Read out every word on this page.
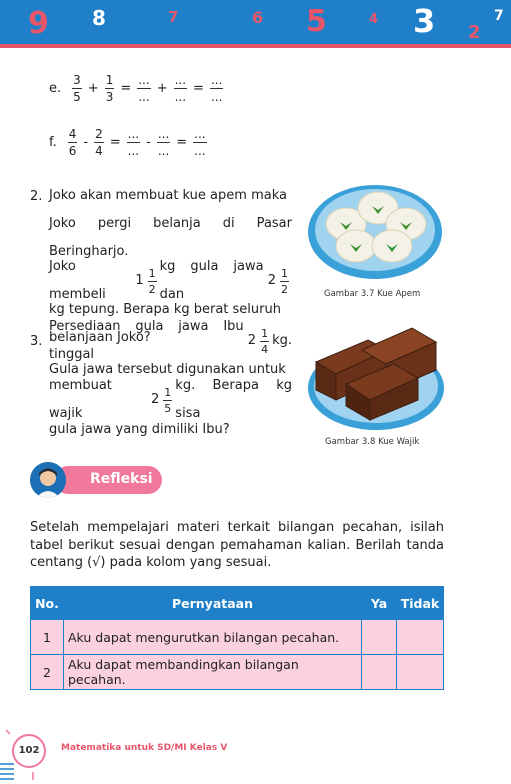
9 8	7	6 5	4 3 2
7
e. $\frac{3}{5} + \frac{1}{3} = \frac{...}{...} + \frac{...}{...} = \frac{...}{...}$
f. $\frac{4}{6} - \frac{2}{4} = \frac{...}{...} - \frac{...}{...} = \frac{...}{...}$
2. Joko akan membuat kue apem maka
Joko pergi belanja di Pasar Beringharjo.
Joko membeli

$1 \frac{1}{2}$
kg gula jawa dan

$2 \frac{1}{2}$
kg tepung. Berapa kg berat seluruh
belanjaan Joko?
Gambar 3.7 Kue Apem
3.
Persediaan gula jawa Ibu tinggal

$2 \frac{1}{4}$ kg.
Gula jawa tersebut digunakan untuk
membuat wajik

$2 \frac{1}{5}$
kg. Berapa kg sisa
gula jawa yang dimiliki Ibu?
Gambar 3.8 Kue Wajik
Refleksi
Setelah mempelajari materi terkait bilangan pecahan, isilah tabel berikut sesuai dengan pemahaman kalian. Berilah tanda centang (√) pada kolom yang sesuai.
No.	Pernyataan	Ya	Tidak
1	Aku dapat mengurutkan bilangan pecahan.		
2	Aku dapat membandingkan bilangan pecahan.		
102	Matematika untuk SD/MI Kelas V
